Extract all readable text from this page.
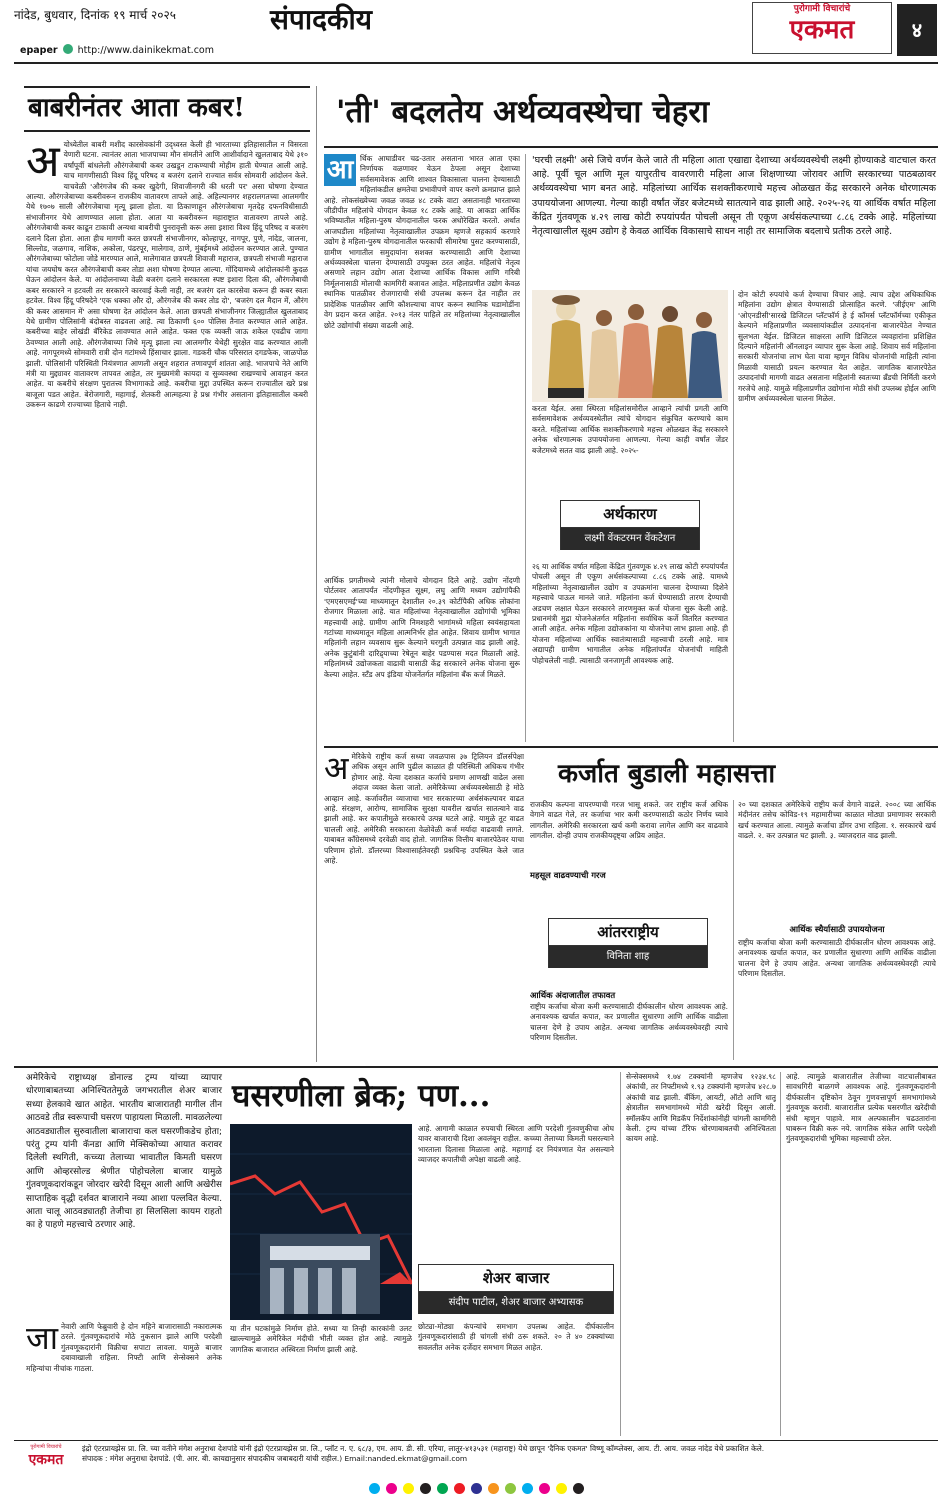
नांदेड, बुधवार, दिनांक १९ मार्च २०२५
epaper http://www.dainikekmat.com
संपादकीय	पुरोगामी विचारांचे
एकमत	४
बाबरीनंतर आता कबर!
अ योध्येतील बाबरी मशीद कारसेवकांनी उद्ध्वस्त केली ही भारताच्या इतिहासातील न विसरता येणारी घटना. त्यानंतर आता भाजपाच्या मौन संमतीने आणि आशीर्वादाने खुलताबाद येथे ३१० वर्षांपूर्वी बांधलेली औरंगजेबाची कबर उखडून टाकण्याची मोहीम हाती घेण्यात आली आहे. याच मागणीसाठी विश्व हिंदू परिषद व बजरंग दलाने राज्यात सर्वत्र सोमवारी आंदोलन केले. याचवेळी 'औरंगजेब की कबर खुदेगी, शिवाजीनगरी की धरती पर' असा घोषणा देण्यात आल्या. औरंगजेबाच्या कबरीवरून राजकीय वातावरण तापले आहे. अहिल्यानगर शहरालगतच्या आलमगीर येथे १७०७ साली औरंगजेबाचा मृत्यू झाला होता. या ठिकाणाहून औरंगजेबाचा मृतदेह दफनविधीसाठी संभाजीनगर येथे आणण्यात आला होता. आता या कबरीवरून महाराष्ट्रात वातावरण तापले आहे. औरंगजेबाची कबर काढून टाकावी अन्यथा बाबरीची पुनरावृत्ती करू असा इशारा विश्व हिंदू परिषद व बजरंग दलाने दिला होता. आता हीच मागणी करत छत्रपती संभाजीनगर, कोल्हापूर, नागपूर, पुणे, नांदेड, जालना, सिल्लोड, जळगाव, नाशिक, अकोला, पंढरपूर, मालेगाव, ठाणे, मुंबईमध्ये आंदोलन करण्यात आले. पुण्यात औरंगजेबाच्या फोटोला जोडे मारण्यात आले, मालेगावात छत्रपती शिवाजी महाराज, छत्रपती संभाजी महाराज यांचा जयघोष करत औरंगजेबाची कबर तोडा अशा घोषणा देण्यात आल्या. गोंदियामध्ये आंदोलकांनी कुदळ घेऊन आंदोलन केले. या आंदोलनाच्या वेळी बजरंग दलाने सरकारला स्पष्ट इशारा दिला की, औरंगजेबाची कबर सरकारने न हटवली तर सरकारने कारवाई केली नाही, तर बजरंग दल कारसेवा करून ही कबर स्वतः हटवेल. विश्व हिंदू परिषदेने 'एक धक्का और दो, औरंगजेब की कबर तोड दो', 'बजरंग दल मैदान में, औरंग की कबर आसमान में' असा घोषणा देत आंदोलन केले. आता छत्रपती संभाजीनगर जिल्ह्यातील खुलताबाद येथे ग्रामीण पोलिसांनी बंदोबस्त वाढवला आहे. त्या ठिकाणी ६०० पोलिस तैनात करण्यात आले आहेत. कबरीच्या बाहेर लोखंडी बॅरिकेड लावण्यात आले आहेत. फक्त एक व्यक्ती जाऊ शकेल एवढीच जागा ठेवण्यात आली आहे. औरंगजेबाच्या जिथे मृत्यू झाला त्या आलमगीर येथेही सुरक्षेत वाढ करण्यात आली आहे. नागपूरमध्ये सोमवारी रात्री दोन गटांमध्ये हिंसाचार झाला. गडकरी चौक परिसरात दगडफेक, जाळपोळ झाली. पोलिसांनी परिस्थिती नियंत्रणात आणली असून शहरात तणावपूर्ण शांतता आहे. भाजपाचे नेते आणि मंत्री या मुद्द्यावर वातावरण तापवत आहेत, तर मुख्यमंत्री कायदा व सुव्यवस्था राखण्याचे आवाहन करत आहेत. या कबरीचे संरक्षण पुरातत्त्व विभागाकडे आहे. कबरीचा मुद्दा उपस्थित करून राज्यातील खरे प्रश्न बाजूला पडत आहेत. बेरोजगारी, महागाई, शेतकरी आत्महत्या हे प्रश्न गंभीर असताना इतिहासातील कबरी उकरून काढणे राज्याच्या हिताचे नाही.
'ती' बदलतेय अर्थव्यवस्थेचा चेहरा
आ र्थिक आघाडीवर चढ-उतार असताना भारत आता एका निर्णायक वळणावर येऊन ठेपला असून देशाच्या सर्वसमावेशक आणि शाश्वत विकासाला चालना देण्यासाठी महिलांकडील क्षमतेचा प्रभावीपणे वापर करणे क्रमप्राप्त झाले आहे. लोकसंख्येच्या जवळ जवळ ४८ टक्के वाटा असतानाही भारताच्या जीडीपीत महिलांचे योगदान केवळ १८ टक्के आहे. या आकडा आर्थिक भविष्यातील महिला-पुरुष योगदानातील फरक अधोरेखित करतो. अर्थात आजघडीला महिलांच्या नेतृत्वाखालील उपक्रम म्हणजे सहकार्य करणारे उद्योग हे महिला-पुरुष योगदानातील फरकाची सीमारेषा पुसट करण्यासाठी, ग्रामीण भागातील समुदायांना सशक्त करण्यासाठी आणि देशाच्या अर्थव्यवस्थेला चालना देण्यासाठी उपयुक्त ठरत आहेत. महिलांचे नेतृत्व असणारे लहान उद्योग आता देशाच्या आर्थिक विकास आणि गरिबी निर्मूलनासाठी मोलाची कामगिरी बजावत आहेत. महिलाप्रणीत उद्योग केवळ स्थानिक पातळीवर रोजगाराची संधी उपलब्ध करून देत नाहीत तर प्रादेशिक पातळीवर आणि कौशल्याचा वापर करून स्थानिक घडामोडींना वेग प्रदान करत आहेत. २०१३ नंतर पाहिले तर महिलांच्या नेतृत्वाखालील छोटे उद्योगांची संख्या वाढली आहे.
आर्थिक प्रगतीमध्ये त्यांनी मोलाचे योगदान दिले आहे. उद्योग नोंदणी पोर्टलवर आतापर्यंत नोंदणीकृत सूक्ष्म, लघु आणि मध्यम उद्योगांपैकी 'एमएसएमई'च्या माध्यमातून देशातील २०.३९ कोटींपैकी अधिक लोकांना रोजगार मिळाला आहे. यात महिलांच्या नेतृत्वाखालील उद्योगांची भूमिका महत्त्वाची आहे. ग्रामीण आणि निमशहरी भागांमध्ये महिला स्वयंसहायता गटांच्या माध्यमातून महिला आत्मनिर्भर होत आहेत. शिवाय ग्रामीण भागात महिलांनी लहान व्यवसाय सुरू केल्याने घरगुती उत्पन्नात वाढ झाली आहे. अनेक कुटुंबांनी दारिद्र्याच्या रेषेतून बाहेर पडण्यास मदत मिळाली आहे. महिलांमध्ये उद्योजकता वाढावी यासाठी केंद्र सरकारने अनेक योजना सुरू केल्या आहेत. स्टँड अप इंडिया योजनेंतर्गत महिलांना बँक कर्ज मिळते.
'घरची लक्ष्मी' असे जिचे वर्णन केले जाते ती महिला आता एखाद्या देशाच्या अर्थव्यवस्थेची लक्ष्मी होण्याकडे वाटचाल करत आहे. पूर्वी चूल आणि मूल यापुरतीच वावरणारी महिला आज शिक्षणाच्या जोरावर आणि सरकारच्या पाठबळावर अर्थव्यवस्थेचा भाग बनत आहे. महिलांच्या आर्थिक सशक्तीकरणाचे महत्त्व ओळखत केंद्र सरकारने अनेक धोरणात्मक उपाययोजना आणल्या. गेल्या काही वर्षांत जेंडर बजेटमध्ये सातत्याने वाढ झाली आहे. २०२५-२६ या आर्थिक वर्षात महिला केंद्रित गुंतवणूक ४.२९ लाख कोटी रुपयांपर्यंत पोचली असून ती एकूण अर्थसंकल्पाच्या ८.८६ टक्के आहे. महिलांच्या नेतृत्वाखालील सूक्ष्म उद्योग हे केवळ आर्थिक विकासाचे साधन नाही तर सामाजिक बदलाचे प्रतीक ठरले आहे.
करता येईल. असा स्थिरता महिलांसमोरील आव्हाने त्यांची प्रगती आणि सर्वसमावेशक अर्थव्यवस्थेतील त्यांचे योगदान संकुचित करण्याचे काम करते. महिलांच्या आर्थिक सशक्तीकरणाचे महत्त्व ओळखत केंद्र सरकारने अनेक धोरणात्मक उपाययोजना आणल्या. गेल्या काही वर्षांत जेंडर बजेटमध्ये सतत वाढ झाली आहे. २०२५-
अर्थकारण
लक्ष्मी वेंकटरमन वेंकटेशन
२६ या आर्थिक वर्षात महिला केंद्रित गुंतवणूक ४.२९ लाख कोटी रुपयांपर्यंत पोचली असून ती एकूण अर्थसंकल्पाच्या ८.८६ टक्के आहे. यामध्ये महिलांच्या नेतृत्वाखालील उद्योग व उपक्रमांना चालना देण्याच्या दिशेने महत्त्वाचे पाऊल मानले जाते. महिलांना कर्ज घेण्यासाठी तारण देण्याची अडचण लक्षात घेऊन सरकारने तारणमुक्त कर्ज योजना सुरू केली आहे. प्रधानमंत्री मुद्रा योजनेअंतर्गत महिलांना सर्वाधिक कर्जे वितरित करण्यात आली आहेत. अनेक महिला उद्योजकांना या योजनेचा लाभ झाला आहे. ही योजना महिलांच्या आर्थिक स्वातंत्र्यासाठी महत्त्वाची ठरली आहे. मात्र अद्यापही ग्रामीण भागातील अनेक महिलांपर्यंत योजनांची माहिती पोहोचलेली नाही. त्यासाठी जनजागृती आवश्यक आहे.
दोन कोटी रुपयांचे कर्ज देण्याचा विचार आहे. त्याच उद्देश अधिकाधिक महिलांना उद्योग क्षेत्रात येण्यासाठी प्रोत्साहित करणे. 'जीईएम' आणि 'ओएनडीसी'सारखे डिजिटल प्लॅटफॉर्म हे ई कॉमर्स प्लॅटफॉर्मच्या एकीकृत केल्याने महिलाप्रणीत व्यवसायांकडील उत्पादनांना बाजारपेठेत नेण्यात सुलभता येईल. डिजिटल साक्षरता आणि डिजिटल व्यवहारांना प्रशिक्षित दिल्याने महिलांनी ऑनलाइन व्यापार सुरू केला आहे. शिवाय सर्व महिलांना सरकारी योजनांचा लाभ घेता यावा म्हणून विविध योजनांची माहिती त्यांना मिळावी यासाठी प्रयत्न करण्यात येत आहेत. जागतिक बाजारपेठेत उत्पादनांची मागणी वाढत असताना महिलांनी स्वतःच्या ब्रँडची निर्मिती करणे गरजेचे आहे. यामुळे महिलाप्रणीत उद्योगांना मोठी संधी उपलब्ध होईल आणि ग्रामीण अर्थव्यवस्थेला चालना मिळेल.
अ मेरिकेचे राष्ट्रीय कर्ज सध्या जवळपास ३७ ट्रिलियन डॉलर्सपेक्षा अधिक असून आणि पुढील काळात ही परिस्थिती अधिकच गंभीर होणार आहे. येत्या दशकात कर्जाचे प्रमाण आणखी वाढेल असा अंदाज व्यक्त केला जातो. अमेरिकेच्या अर्थव्यवस्थेसाठी हे मोठे आव्हान आहे. कर्जावरील व्याजाचा भार सरकारच्या अर्थसंकल्पावर वाढत आहे. संरक्षण, आरोग्य, सामाजिक सुरक्षा यावरील खर्चात सातत्याने वाढ झाली आहे. कर कपातीमुळे सरकारचे उत्पन्न घटले आहे. यामुळे तूट वाढत चालली आहे. अमेरिकी सरकारला वेळोवेळी कर्ज मर्यादा वाढवावी लागते. याबाबत काँग्रेसमध्ये दरवेळी वाद होतो. जागतिक वित्तीय बाजारपेठेवर याचा परिणाम होतो. डॉलरच्या विश्वासार्हतेवरही प्रश्नचिन्ह उपस्थित केले जात आहे.
कर्जात बुडाली महासत्ता
राजकीय कल्पना वापरण्याची गरज भासू शकते. जर राष्ट्रीय कर्ज अधिक वेगाने वाढत गेले, तर कर्जाचा भार कमी करण्यासाठी कठोर निर्णय घ्यावे लागतील. अमेरिकी सरकारला खर्च कमी करावा लागेल आणि कर वाढवावे लागतील. दोन्ही उपाय राजकीयदृष्ट्या अप्रिय आहेत.
महसूल वाढवण्याची गरज
आंतरराष्ट्रीय
विनिता शाह
आर्थिक अंदाजातील तफावत
राष्ट्रीय कर्जाचा बोजा कमी करण्यासाठी दीर्घकालीन धोरण आवश्यक आहे. अनावश्यक खर्चात कपात, कर प्रणालीत सुधारणा आणि आर्थिक वाढीला चालना देणे हे उपाय आहेत. अन्यथा जागतिक अर्थव्यवस्थेवरही त्याचे परिणाम दिसतील.
२० च्या दशकात अमेरिकेचे राष्ट्रीय कर्ज वेगाने वाढले. २००८ च्या आर्थिक मंदीनंतर तसेच कोविड-१९ महामारीच्या काळात मोठ्या प्रमाणावर सरकारी खर्च करण्यात आला. त्यामुळे कर्जाचा डोंगर उभा राहिला. १. सरकारचे खर्च वाढले. २. कर उत्पन्नात घट झाली. ३. व्याजदरात वाढ झाली.
आर्थिक स्थैर्यासाठी उपाययोजना
राष्ट्रीय कर्जाचा बोजा कमी करण्यासाठी दीर्घकालीन धोरण आवश्यक आहे. अनावश्यक खर्चात कपात, कर प्रणालीत सुधारणा आणि आर्थिक वाढीला चालना देणे हे उपाय आहेत. अन्यथा जागतिक अर्थव्यवस्थेवरही त्याचे परिणाम दिसतील.
अमेरिकेचे राष्ट्राध्यक्ष डोनाल्ड ट्रम्प यांच्या व्यापार धोरणाबाबतच्या अनिश्चिततेमुळे जगभरातील शेअर बाजार सध्या हेलकावे खात आहेत. भारतीय बाजारातही मागील तीन आठवडे तीव्र स्वरूपाची घसरण पाहायला मिळाली. मावळलेल्या आठवड्यातील सुरुवातीला बाजाराचा कल घसरणीकडेच होता; परंतु ट्रम्प यांनी कॅनडा आणि मेक्सिकोच्या आयात करावर दिलेली स्थगिती, कच्च्या तेलाच्या भावातील किमती घसरण आणि ओव्हरसोल्ड श्रेणीत पोहोचलेला बाजार यामुळे गुंतवणूकदारांकडून जोरदार खरेदी दिसून आली आणि अखेरीस साप्ताहिक वृद्धी दर्शवत बाजाराने नव्या आशा पल्लवित केल्या. आता चालू आठवड्यातही तेजीचा हा सिलसिला कायम राहतो का हे पाहणे महत्त्वाचे ठरणार आहे.
घसरणीला ब्रेक; पण...
जा नेवारी आणि फेब्रुवारी हे दोन महिने बाजारासाठी नकारात्मक ठरले. गुंतवणूकदारांचे मोठे नुकसान झाले आणि परदेशी गुंतवणूकदारांनी विक्रीचा सपाटा लावला. यामुळे बाजार दबावाखाली राहिला. निफ्टी आणि सेन्सेक्सने अनेक महिन्यांचा नीचांक गाठला.
या तीन घटकांमुळे निर्माण होते. सध्या या तिन्ही कारकांनी उलट खाल्ल्यामुळे अमेरिकेत मंदीची भीती व्यक्त होत आहे. त्यामुळे जागतिक बाजारात अस्थिरता निर्माण झाली आहे.
आहे. आगामी काळात रुपयाची स्थिरता आणि परदेशी गुंतवणुकीचा ओघ यावर बाजाराची दिशा अवलंबून राहील. कच्च्या तेलाच्या किमती घसरल्याने भारताला दिलासा मिळाला आहे. महागाई दर नियंत्रणात येत असल्याने व्याजदर कपातीची अपेक्षा वाढली आहे.
शेअर बाजार
संदीप पाटील, शेअर बाजार अभ्यासक
छोट्या-मोठ्या कंपन्यांचे समभाग उपलब्ध आहेत. दीर्घकालीन गुंतवणूकदारांसाठी ही चांगली संधी ठरू शकते. २० ते ४० टक्क्यांच्या सवलतीत अनेक दर्जेदार समभाग मिळत आहेत.
सेन्सेक्समध्ये १.७४ टक्क्यांनी म्हणजेच १२३४.९८ अंकांची, तर निफ्टीमध्ये १.९३ टक्क्यांनी म्हणजेच ४२८.७ अंकांची वाढ झाली. बँकिंग, आयटी, ऑटो आणि धातू क्षेत्रातील समभागांमध्ये मोठी खरेदी दिसून आली. स्मॉलकॅप आणि मिडकॅप निर्देशांकांनीही चांगली कामगिरी केली. ट्रम्प यांच्या टॅरिफ धोरणाबाबतची अनिश्चितता कायम आहे.
आहे. त्यामुळे बाजारातील तेजीच्या वाटचालीबाबत सावधगिरी बाळगणे आवश्यक आहे. गुंतवणूकदारांनी दीर्घकालीन दृष्टिकोन ठेवून गुणवत्तापूर्ण समभागांमध्ये गुंतवणूक करावी. बाजारातील प्रत्येक घसरणीत खरेदीची संधी म्हणून पाहावे. मात्र अल्पकालीन चढउतारांना घाबरून विक्री करू नये. जागतिक संकेत आणि परदेशी गुंतवणूकदारांची भूमिका महत्त्वाची ठरेल.
पुरोगामी विचारांचे
एकमत
इंद्रो एंटरप्रायझेस प्रा. लि. च्या वतीने मंगेश अनुराधा देशपांडे यांनी इंद्रो एंटरप्रायझेस प्रा. लि., प्लॉट न. ए. ६८/३, एम. आय. डी. सी. एरिया, लातूर-४१३५३१ (महाराष्ट्र) येथे छापून 'दैनिक एकमत' विष्णू कॉम्प्लेक्स, आय. टी. आय. जवळ नांदेड येथे प्रकाशित केले.
संपादक : मंगेश अनुराधा देशपांडे. (पी. आर. बी. कायद्यानुसार संपादकीय जबाबदारी यांची राहील.) Email:nanded.ekmat@gmail.com
